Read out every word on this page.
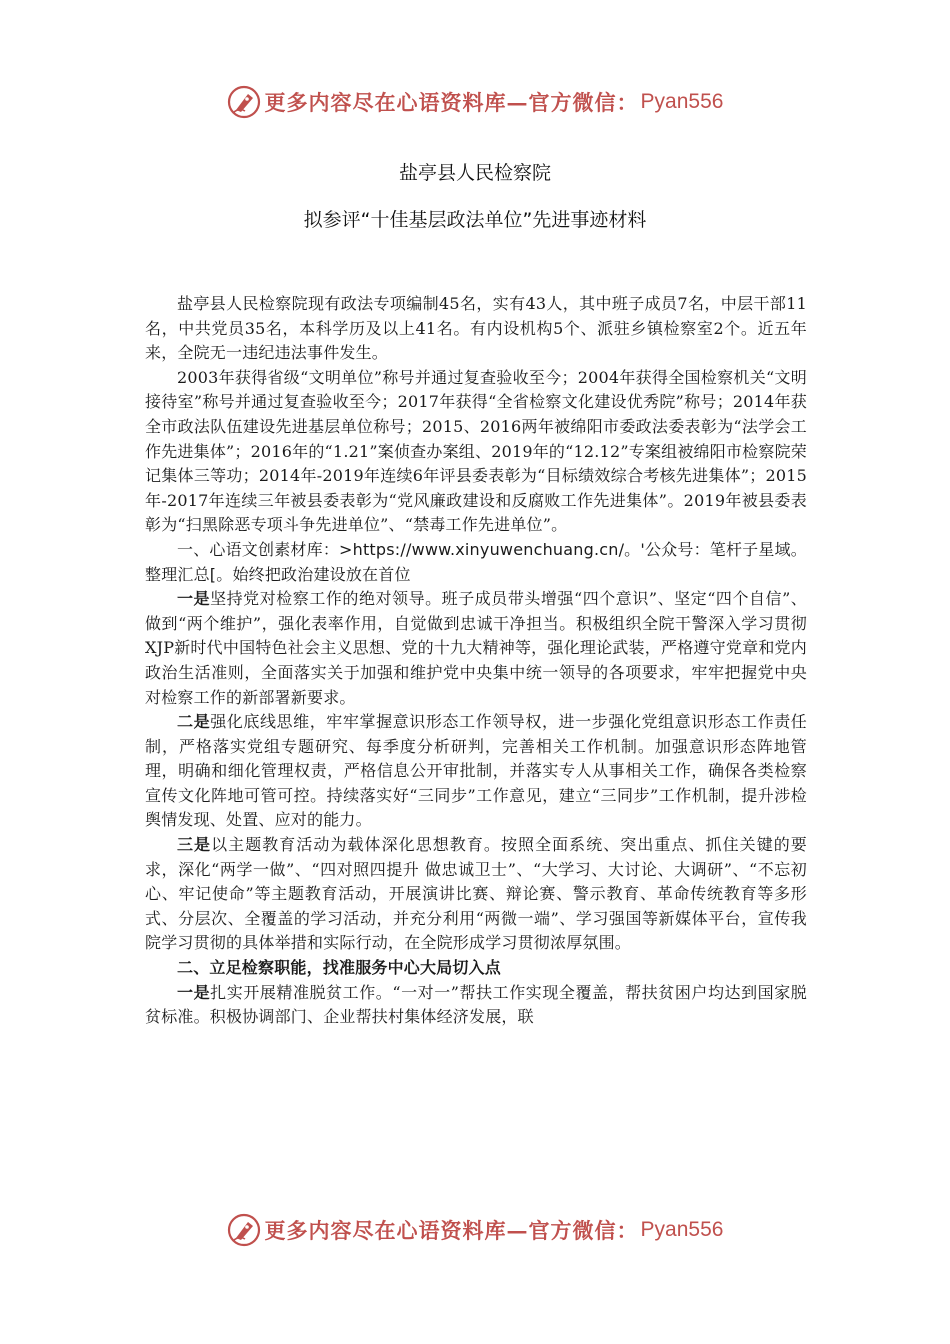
更多内容尽在心语资料库—官方微信： Pyan556
盐亭县人民检察院
拟参评“十佳基层政法单位”先进事迹材料

盐亭县人民检察院现有政法专项编制45名，实有43人，其中班子成员7名，中层干部11名，中共党员35名，本科学历及以上41名。有内设机构5个、派驻乡镇检察室2个。近五年来，全院无一违纪违法事件发生。

2003年获得省级“文明单位”称号并通过复查验收至今；2004年获得全国检察机关“文明接待室”称号并通过复查验收至今；2017年获得“全省检察文化建设优秀院”称号；2014年获全市政法队伍建设先进基层单位称号；2015、2016两年被绵阳市委政法委表彰为“法学会工作先进集体”；2016年的“1.21”案侦查办案组、2019年的“12.12”专案组被绵阳市检察院荣记集体三等功；2014年-2019年连续6年评县委表彰为“目标绩效综合考核先进集体”；2015年-2017年连续三年被县委表彰为“党风廉政建设和反腐败工作先进集体”。2019年被县委表彰为“扫黑除恶专项斗争先进单位”、“禁毒工作先进单位”。

一、心语文创素材库：>https://www.xinyuwenchuang.cn/。'公众号：笔杆子星域。整理汇总[。始终把政治建设放在首位

一是坚持党对检察工作的绝对领导。班子成员带头增强“四个意识”、坚定“四个自信”、做到“两个维护”，强化表率作用，自觉做到忠诚干净担当。积极组织全院干警深入学习贯彻XJP新时代中国特色社会主义思想、党的十九大精神等，强化理论武装，严格遵守党章和党内政治生活准则，全面落实关于加强和维护党中央集中统一领导的各项要求，牢牢把握党中央对检察工作的新部署新要求。

二是强化底线思维，牢牢掌握意识形态工作领导权，进一步强化党组意识形态工作责任制，严格落实党组专题研究、每季度分析研判，完善相关工作机制。加强意识形态阵地管理，明确和细化管理权责，严格信息公开审批制，并落实专人从事相关工作，确保各类检察宣传文化阵地可管可控。持续落实好“三同步”工作意见，建立“三同步”工作机制，提升涉检舆情发现、处置、应对的能力。

三是以主题教育活动为载体深化思想教育。按照全面系统、突出重点、抓住关键的要求，深化“两学一做”、“四对照四提升 做忠诚卫士”、“大学习、大讨论、大调研”、“不忘初心、牢记使命”等主题教育活动，开展演讲比赛、辩论赛、警示教育、革命传统教育等多形式、分层次、全覆盖的学习活动，并充分利用“两微一端”、学习强国等新媒体平台，宣传我院学习贯彻的具体举措和实际行动，在全院形成学习贯彻浓厚氛围。

二、立足检察职能，找准服务中心大局切入点

一是扎实开展精准脱贫工作。“一对一”帮扶工作实现全覆盖，帮扶贫困户均达到国家脱贫标准。积极协调部门、企业帮扶村集体经济发展，联

更多内容尽在心语资料库—官方微信： Pyan556
